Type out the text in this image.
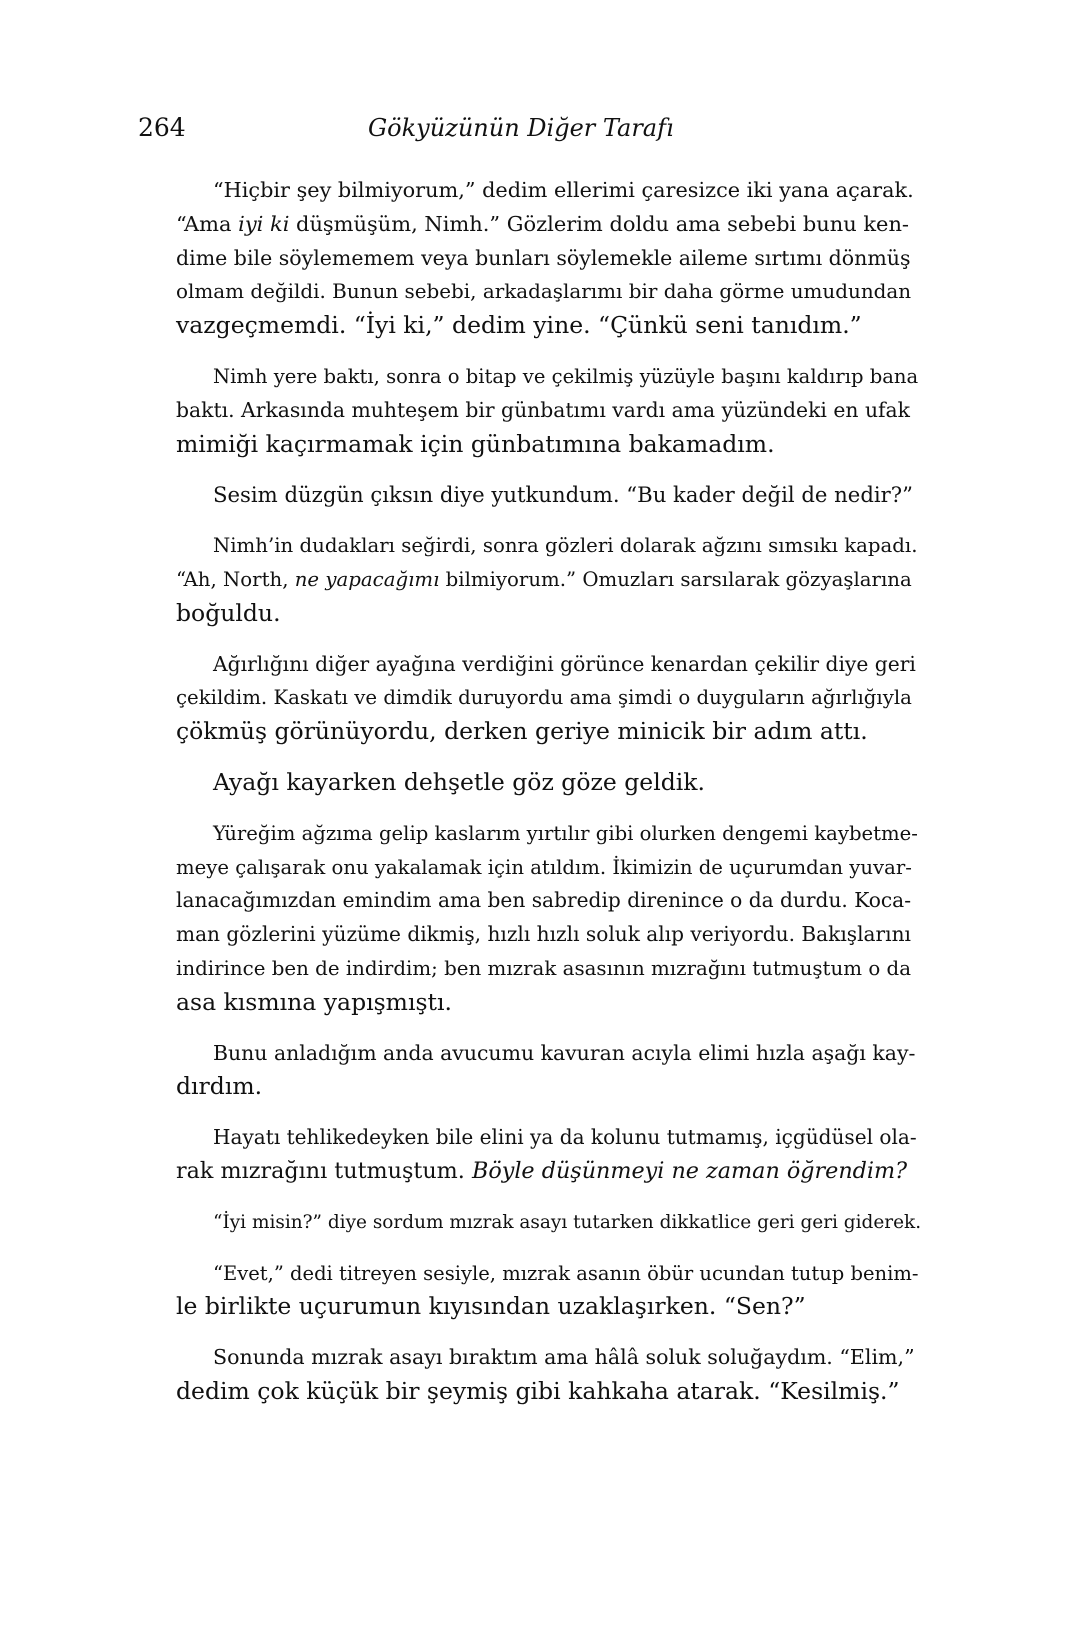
264	Gökyüzünün Diğer Tarafı

“Hiçbir şey bilmiyorum,” dedim ellerimi çaresizce iki yana açarak.
“Ama iyi ki düşmüşüm, Nimh.” Gözlerim doldu ama sebebi bunu ken-
dime bile söylememem veya bunları söylemekle aileme sırtımı dönmüş
olmam değildi. Bunun sebebi, arkadaşlarımı bir daha görme umudundan
vazgeçmemdi. “İyi ki,” dedim yine. “Çünkü seni tanıdım.”

Nimh yere baktı, sonra o bitap ve çekilmiş yüzüyle başını kaldırıp bana
baktı. Arkasında muhteşem bir günbatımı vardı ama yüzündeki en ufak
mimiği kaçırmamak için günbatımına bakamadım.

Sesim düzgün çıksın diye yutkundum. “Bu kader değil de nedir?”

Nimh’in dudakları seğirdi, sonra gözleri dolarak ağzını sımsıkı kapadı.
“Ah, North, ne yapacağımı bilmiyorum.” Omuzları sarsılarak gözyaşlarına
boğuldu.

Ağırlığını diğer ayağına verdiğini görünce kenardan çekilir diye geri
çekildim. Kaskatı ve dimdik duruyordu ama şimdi o duyguların ağırlığıyla
çökmüş görünüyordu, derken geriye minicik bir adım attı.

Ayağı kayarken dehşetle göz göze geldik.

Yüreğim ağzıma gelip kaslarım yırtılır gibi olurken dengemi kaybetme-
meye çalışarak onu yakalamak için atıldım. İkimizin de uçurumdan yuvar-
lanacağımızdan emindim ama ben sabredip direnince o da durdu. Koca-
man gözlerini yüzüme dikmiş, hızlı hızlı soluk alıp veriyordu. Bakışlarını
indirince ben de indirdim; ben mızrak asasının mızrağını tutmuştum o da
asa kısmına yapışmıştı.

Bunu anladığım anda avucumu kavuran acıyla elimi hızla aşağı kay-
dırdım.

Hayatı tehlikedeyken bile elini ya da kolunu tutmamış, içgüdüsel ola-
rak mızrağını tutmuştum. Böyle düşünmeyi ne zaman öğrendim?

“İyi misin?” diye sordum mızrak asayı tutarken dikkatlice geri geri giderek.

“Evet,” dedi titreyen sesiyle, mızrak asanın öbür ucundan tutup benim-
le birlikte uçurumun kıyısından uzaklaşırken. “Sen?”

Sonunda mızrak asayı bıraktım ama hâlâ soluk soluğaydım. “Elim,”
dedim çok küçük bir şeymiş gibi kahkaha atarak. “Kesilmiş.”
